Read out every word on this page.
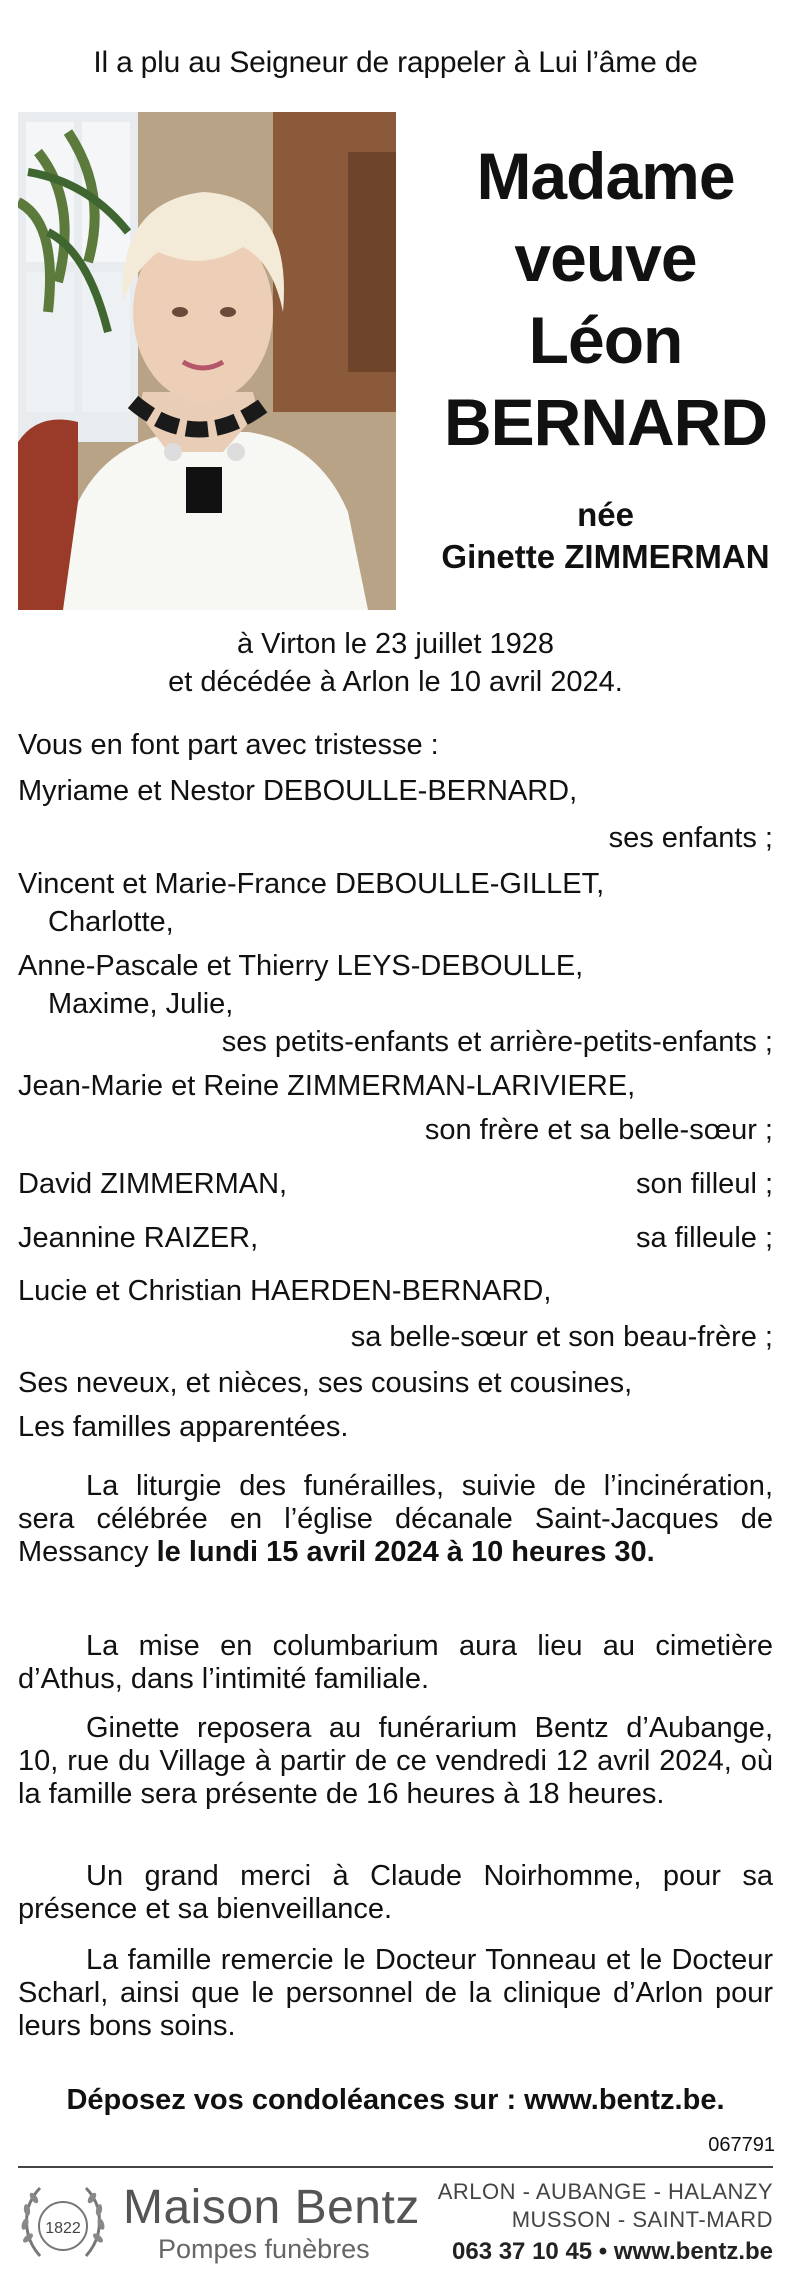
Il a plu au Seigneur de rappeler à Lui l’âme de
Madame
veuve
Léon
BERNARD
née
Ginette ZIMMERMAN
à Virton le 23 juillet 1928
et décédée à Arlon le 10 avril 2024.
Vous en font part avec tristesse :
Myriame et Nestor DEBOULLE-BERNARD,
ses enfants ;
Vincent et Marie-France DEBOULLE-GILLET,
Charlotte,
Anne-Pascale et Thierry LEYS-DEBOULLE,
Maxime, Julie,
ses petits-enfants et arrière-petits-enfants ;
Jean-Marie et Reine ZIMMERMAN-LARIVIERE,
son frère et sa belle-sœur ;
David ZIMMERMAN,	son filleul ;
Jeannine RAIZER,	sa filleule ;
Lucie et Christian HAERDEN-BERNARD,
sa belle-sœur et son beau-frère ;
Ses neveux, et nièces, ses cousins et cousines,
Les familles apparentées.
La liturgie des funérailles, suivie de l’incinération, sera célébrée en l’église décanale Saint-Jacques de Messancy le lundi 15 avril 2024 à 10 heures 30.
La mise en columbarium aura lieu au cimetière d’Athus, dans l’intimité familiale.
Ginette reposera au funérarium Bentz d’Aubange, 10, rue du Village à partir de ce vendredi 12 avril 2024, où la famille sera présente de 16 heures à 18 heures.
Un grand merci à Claude Noirhomme, pour sa présence et sa bienveillance.
La famille remercie le Docteur Tonneau et le Docteur Scharl, ainsi que le personnel de la clinique d’Arlon pour leurs bons soins.
Déposez vos condoléances sur : www.bentz.be.
067791
1822 Maison Bentz
Pompes funèbres
ARLON - AUBANGE - HALANZY
MUSSON - SAINT-MARD
063 37 10 45 • www.bentz.be
